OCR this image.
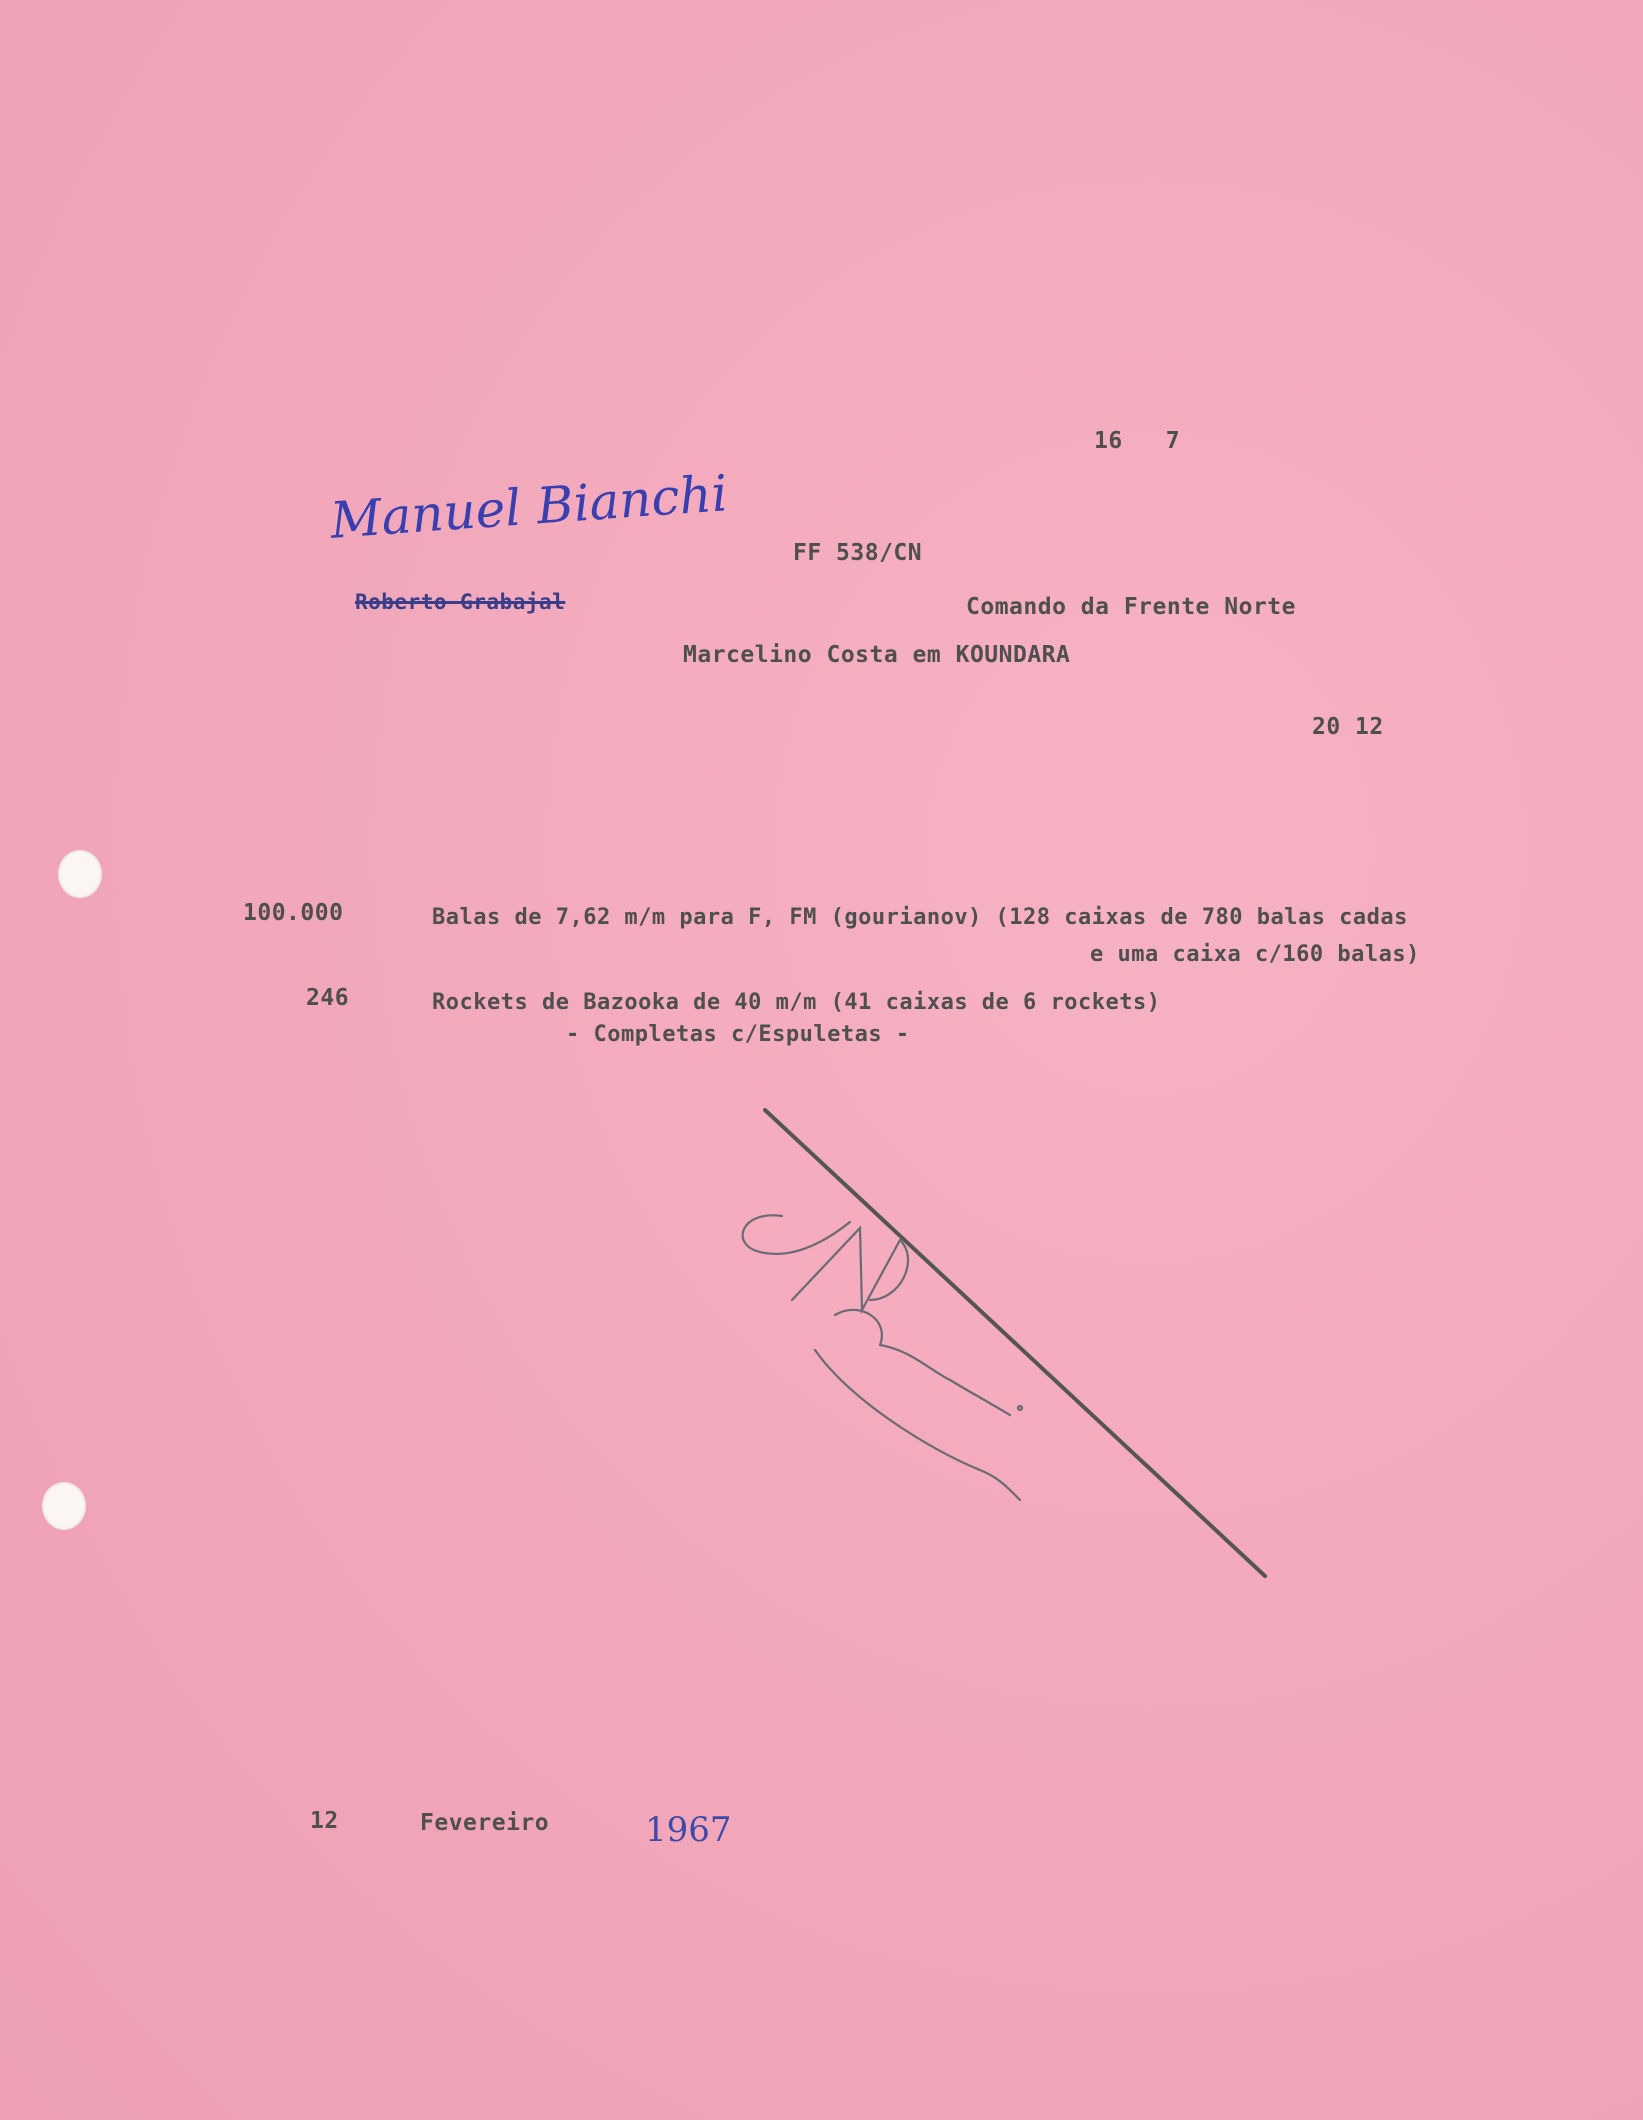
16   7
Manuel Bianchi
FF 538/CN
Roberto Grabajal	Comando da Frente Norte
Marcelino Costa em KOUNDARA
20 12
100.000	Balas de 7,62 m/m para F, FM (gourianov) (128 caixas de 780 balas cadas
e uma caixa c/160 balas)
246	Rockets de Bazooka de 40 m/m (41 caixas de 6 rockets)
- Completas c/Espuletas -
12	Fevereiro	1967
